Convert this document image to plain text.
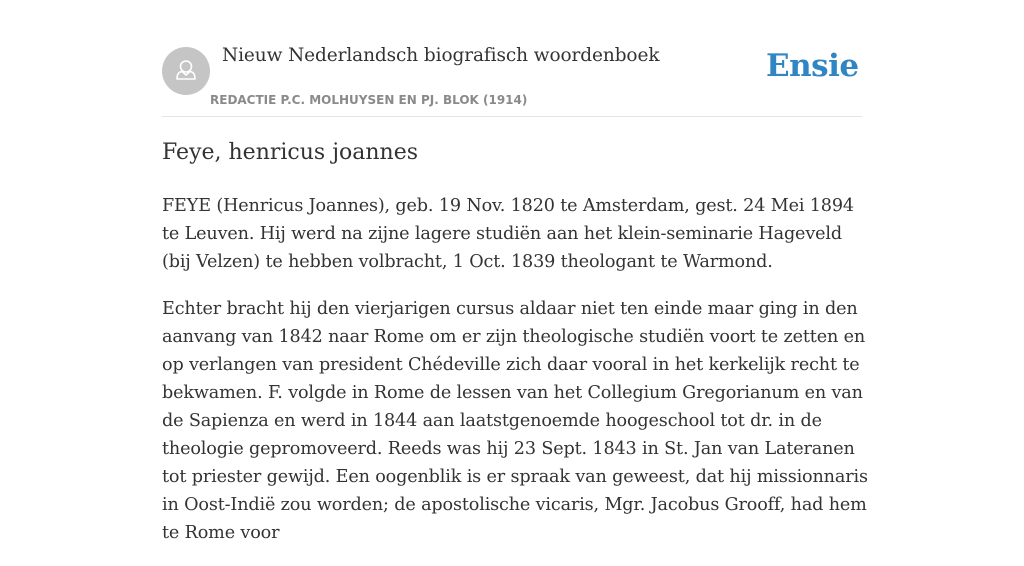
Nieuw Nederlandsch biografisch woordenboek
REDACTIE P.C. MOLHUYSEN EN PJ. BLOK (1914)
Ensie
Feye, henricus joannes

FEYE (Henricus Joannes), geb. 19 Nov. 1820 te Amsterdam, gest. 24 Mei 1894 te Leuven. Hij werd na zijne lagere studiën aan het klein-seminarie Hageveld (bij Velzen) te hebben volbracht, 1 Oct. 1839 theologant te Warmond.

Echter bracht hij den vierjarigen cursus aldaar niet ten einde maar ging in den aanvang van 1842 naar Rome om er zijn theologische studiën voort te zetten en op verlangen van president Chédeville zich daar vooral in het kerkelijk recht te bekwamen. F. volgde in Rome de lessen van het Collegium Gregorianum en van de Sapienza en werd in 1844 aan laatstgenoemde hoogeschool tot dr. in de theologie gepromoveerd. Reeds was hij 23 Sept. 1843 in St. Jan van Lateranen tot priester gewijd. Een oogenblik is er spraak van geweest, dat hij missionnaris in Oost-Indië zou worden; de apostolische vicaris, Mgr. Jacobus Grooff, had hem te Rome voor
